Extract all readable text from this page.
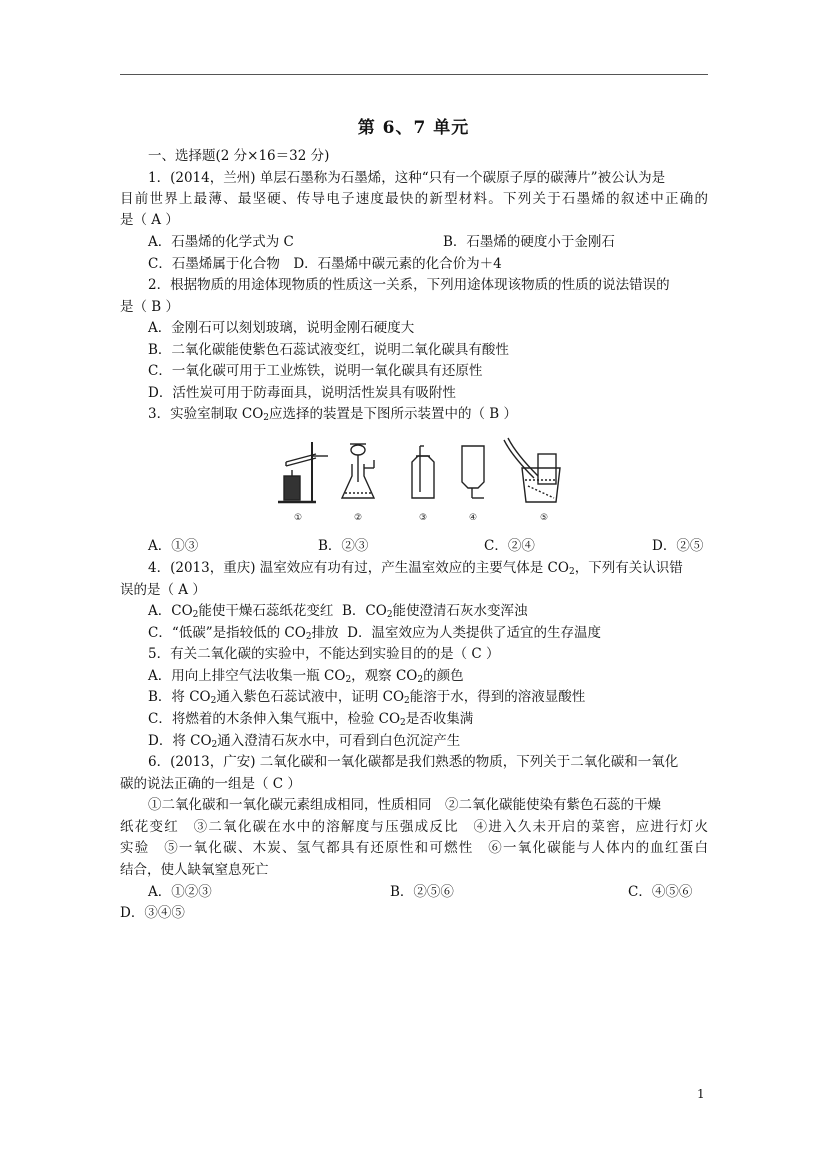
第 6、7 单元
一、选择题(2 分×16＝32 分)
1．(2014，兰州) 单层石墨称为石墨烯，这种“只有一个碳原子厚的碳薄片”被公认为是
目前世界上最薄、最坚硬、传导电子速度最快的新型材料。下列关于石墨烯的叙述中正确的
是（ A ）
A．石墨烯的化学式为 C	B．石墨烯的硬度小于金刚石
C．石墨烯属于化合物　D．石墨烯中碳元素的化合价为＋4
2．根据物质的用途体现物质的性质这一关系，下列用途体现该物质的性质的说法错误的
是（ B ）
A．金刚石可以刻划玻璃，说明金刚石硬度大
B．二氧化碳能使紫色石蕊试液变红，说明二氧化碳具有酸性
C．一氧化碳可用于工业炼铁，说明一氧化碳具有还原性
D．活性炭可用于防毒面具，说明活性炭具有吸附性
3．实验室制取 $CO_2$应选择的装置是下图所示装置中的（ B ）
①	②	③	④	⑤
A．①③	B．②③	C．②④	D．②⑤
4．(2013，重庆) 温室效应有功有过，产生温室效应的主要气体是 $CO_2$，下列有关认识错
误的是（ A ）
A．$CO_2$能使干燥石蕊纸花变红 B．$CO_2$能使澄清石灰水变浑浊
C．“低碳”是指较低的 $CO_2$排放 D．温室效应为人类提供了适宜的生存温度
5．有关二氧化碳的实验中，不能达到实验目的的是（ C ）
A．用向上排空气法收集一瓶 $CO_2$，观察 $CO_2$的颜色
B．将 $CO_2$通入紫色石蕊试液中，证明 $CO_2$能溶于水，得到的溶液显酸性
C．将燃着的木条伸入集气瓶中，检验 $CO_2$是否收集满
D．将 $CO_2$通入澄清石灰水中，可看到白色沉淀产生
6．(2013，广安) 二氧化碳和一氧化碳都是我们熟悉的物质，下列关于二氧化碳和一氧化
碳的说法正确的一组是（ C ）
①二氧化碳和一氧化碳元素组成相同，性质相同　②二氧化碳能使染有紫色石蕊的干燥
纸花变红　③二氧化碳在水中的溶解度与压强成反比　④进入久未开启的菜窖，应进行灯火
实验　⑤一氧化碳、木炭、氢气都具有还原性和可燃性　⑥一氧化碳能与人体内的血红蛋白
结合，使人缺氧窒息死亡
A．①②③	B．②⑤⑥	C．④⑤⑥
D．③④⑤
1
